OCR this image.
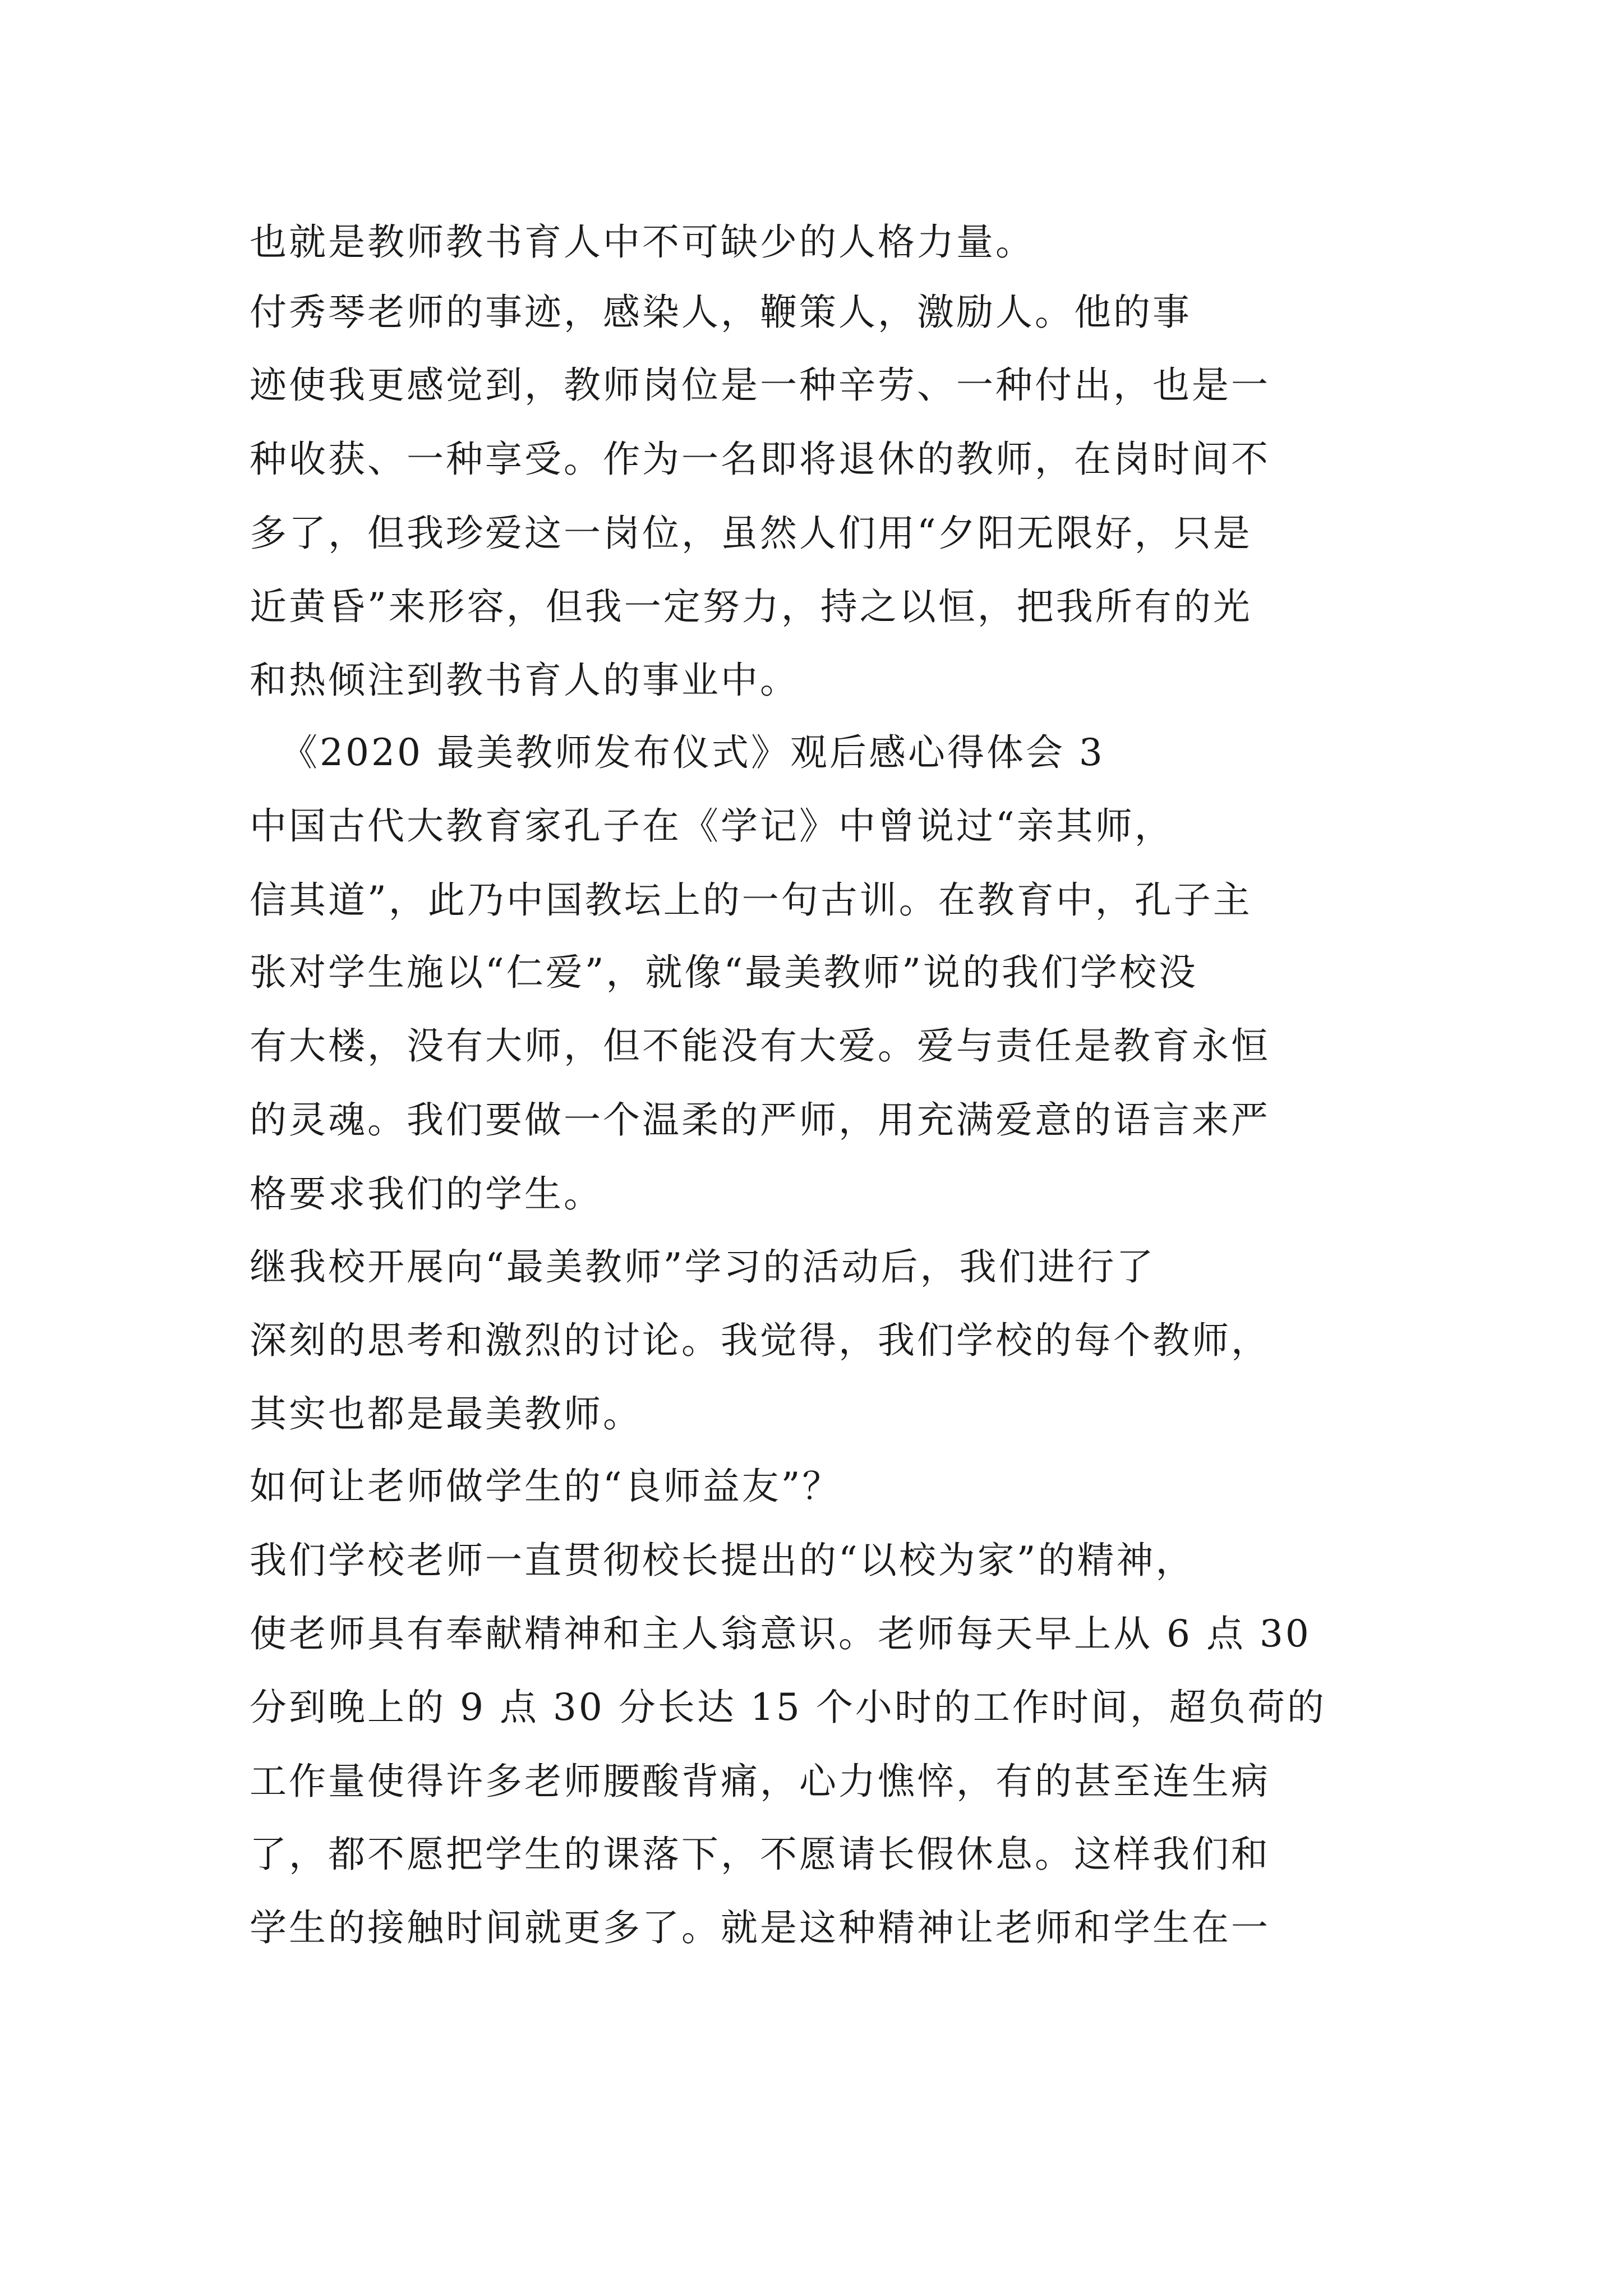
也就是教师教书育人中不可缺少的人格力量。
付秀琴老师的事迹，感染人，鞭策人，激励人。他的事
迹使我更感觉到，教师岗位是一种辛劳、一种付出，也是一
种收获、一种享受。作为一名即将退休的教师，在岗时间不
多了，但我珍爱这一岗位，虽然人们用“夕阳无限好，只是
近黄昏”来形容，但我一定努力，持之以恒，把我所有的光
和热倾注到教书育人的事业中。
《2020 最美教师发布仪式》观后感心得体会 3
中国古代大教育家孔子在《学记》中曾说过“亲其师，
信其道”，此乃中国教坛上的一句古训。在教育中，孔子主
张对学生施以“仁爱”，就像“最美教师”说的我们学校没
有大楼，没有大师，但不能没有大爱。爱与责任是教育永恒
的灵魂。我们要做一个温柔的严师，用充满爱意的语言来严
格要求我们的学生。
继我校开展向“最美教师”学习的活动后，我们进行了
深刻的思考和激烈的讨论。我觉得，我们学校的每个教师，
其实也都是最美教师。
如何让老师做学生的“良师益友”？
我们学校老师一直贯彻校长提出的“以校为家”的精神，
使老师具有奉献精神和主人翁意识。老师每天早上从 6 点 30
分到晚上的 9 点 30 分长达 15 个小时的工作时间，超负荷的
工作量使得许多老师腰酸背痛，心力憔悴，有的甚至连生病
了，都不愿把学生的课落下，不愿请长假休息。这样我们和
学生的接触时间就更多了。就是这种精神让老师和学生在一
